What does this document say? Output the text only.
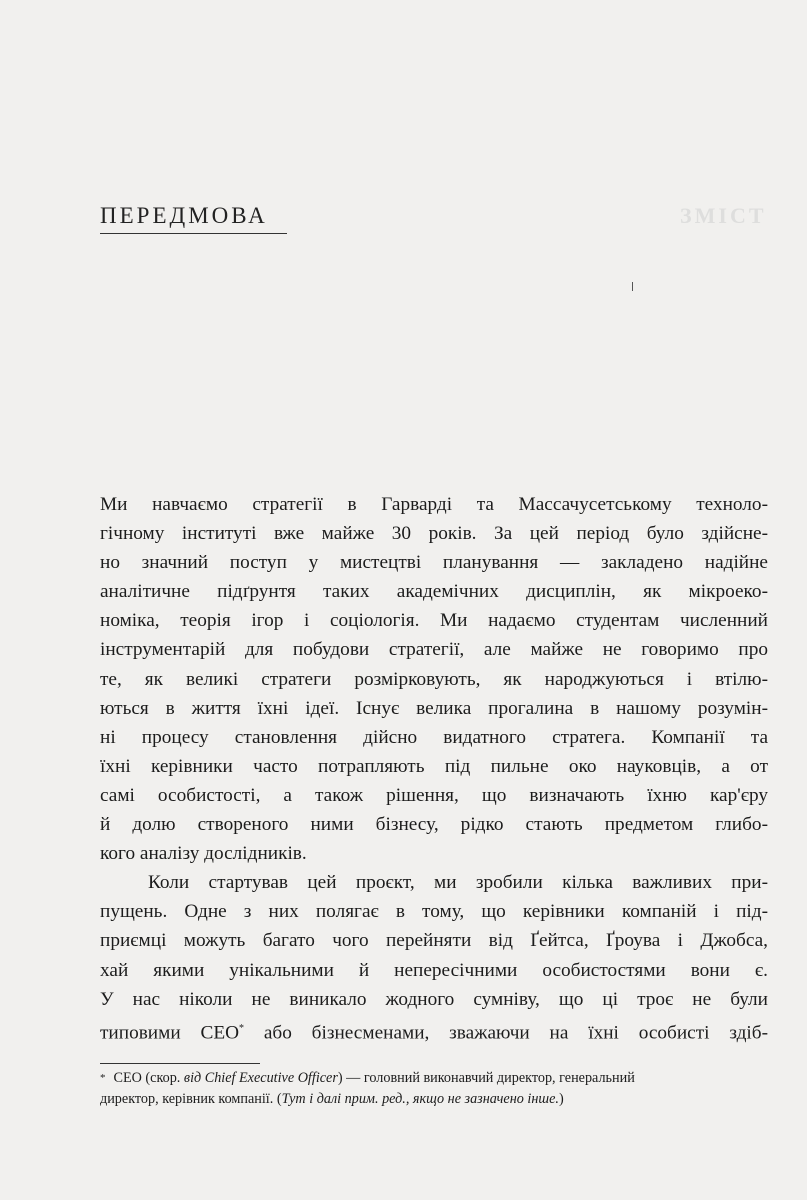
ЗМІСТ
ПЕРЕДМОВА
Ми навчаємо стратегії в Гарварді та Массачусетському техноло-
гічному інституті вже майже 30 років. За цей період було здійсне-
но значний поступ у мистецтві планування — закладено надійне
аналітичне підґрунтя таких академічних дисциплін, як мікроеко-
номіка, теорія ігор і соціологія. Ми надаємо студентам численний
інструментарій для побудови стратегії, але майже не говоримо про
те, як великі стратеги розмірковують, як народжуються і втілю-
ються в життя їхні ідеї. Існує велика прогалина в нашому розумін-
ні процесу становлення дійсно видатного стратега. Компанії та
їхні керівники часто потрапляють під пильне око науковців, а от
самі особистості, а також рішення, що визначають їхню кар'єру
й долю створеного ними бізнесу, рідко стають предметом глибо-
кого аналізу дослідників.
Коли стартував цей проєкт, ми зробили кілька важливих при-
пущень. Одне з них полягає в тому, що керівники компаній і під-
приємці можуть багато чого перейняти від Ґейтса, Ґроува і Джобса,
хай якими унікальними й непересічними особистостями вони є.
У нас ніколи не виникало жодного сумніву, що ці троє не були
типовими СЕО* або бізнесменами, зважаючи на їхні особисті здіб-
* СЕО (скор. від Chief Executive Officer) — головний виконавчий директор, генеральний
директор, керівник компанії. (Тут і далі прим. ред., якщо не зазначено інше.)
